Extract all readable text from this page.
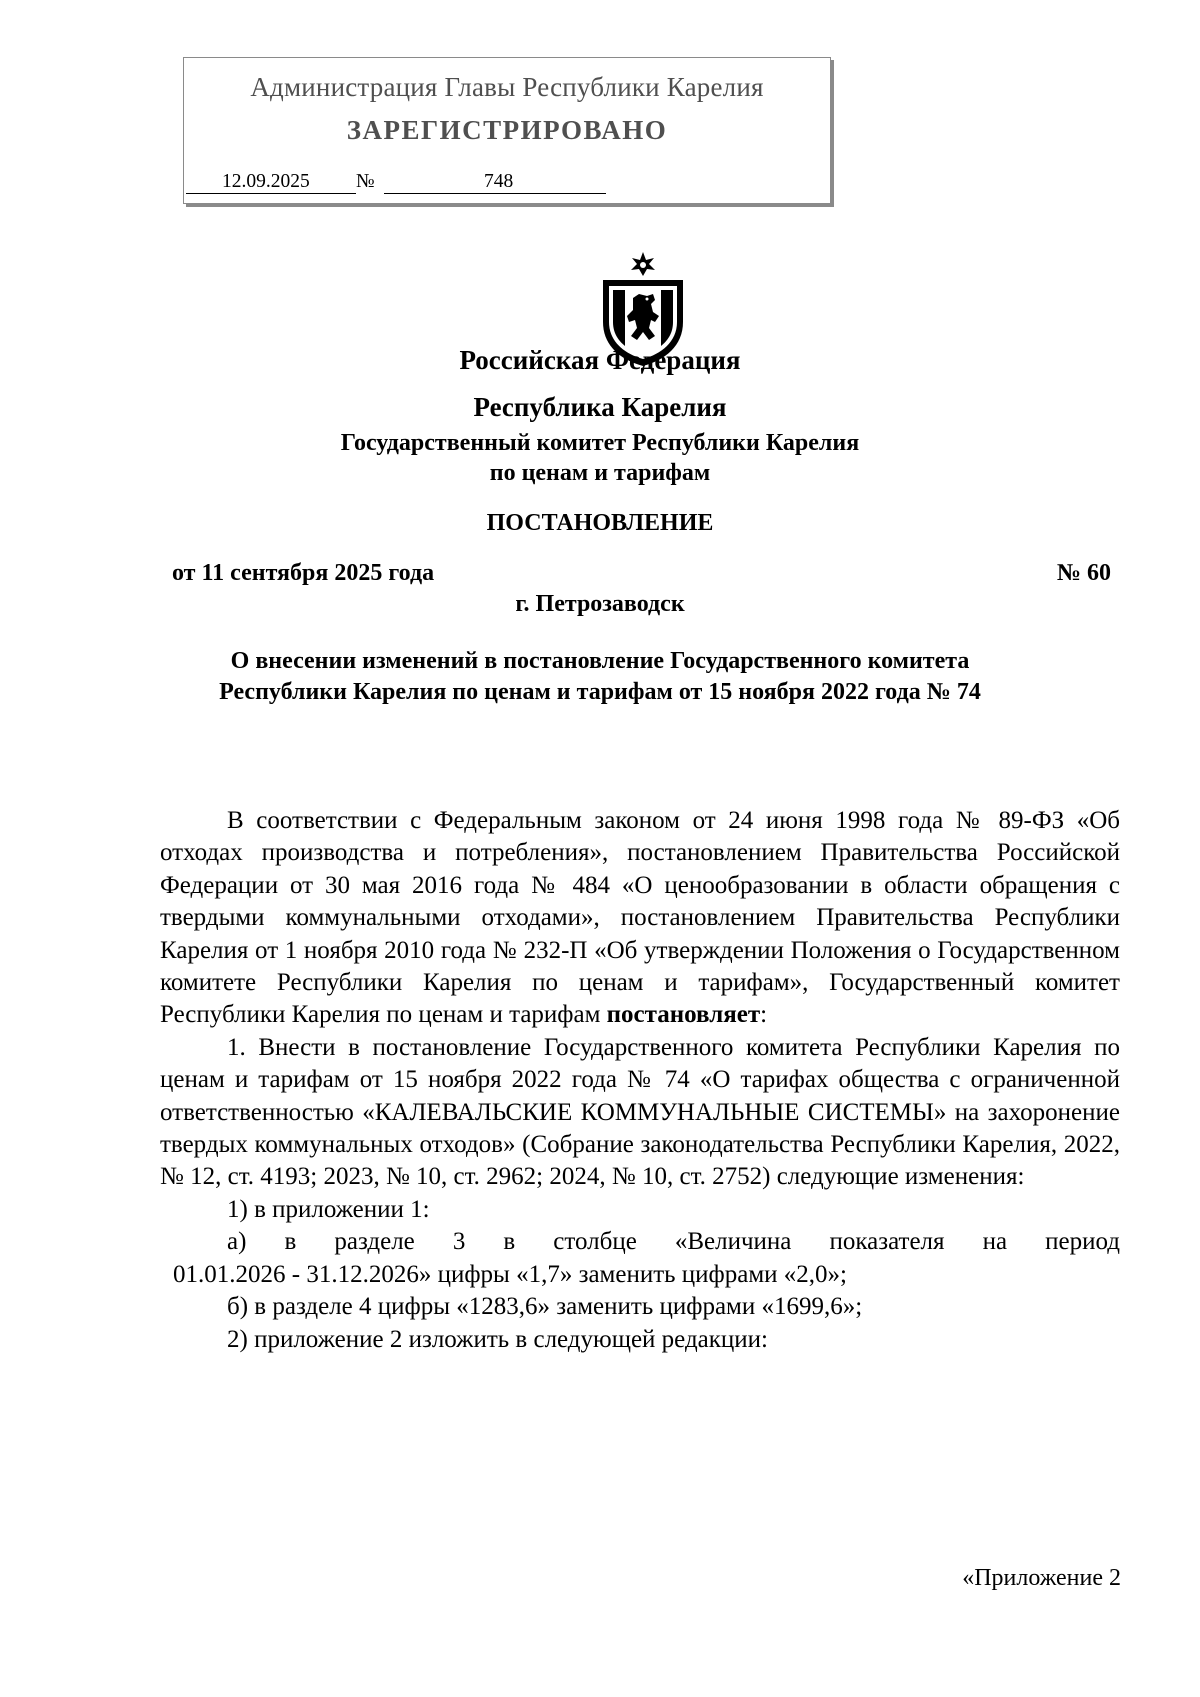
Администрация Главы Республики Карелия
ЗАРЕГИСТРИРОВАНО
12.09.2025	№	748
Российская Федерация
Республика Карелия
Государственный комитет Республики Карелия
по ценам и тарифам
ПОСТАНОВЛЕНИЕ
от 11 сентября 2025 года	№ 60
г. Петрозаводск
О внесении изменений в постановление Государственного комитета
Республики Карелия по ценам и тарифам от 15 ноября 2022 года № 74

В соответствии с Федеральным законом от 24 июня 1998 года № 89-ФЗ «Об отходах производства и потребления», постановлением Правительства Российской Федерации от 30 мая 2016 года № 484 «О ценообразовании в области обращения с твердыми коммунальными отходами», постановлением Правительства Республики Карелия от 1 ноября 2010 года № 232-П «Об утверждении Положения о Государственном комитете Республики Карелия по ценам и тарифам», Государственный комитет Республики Карелия по ценам и тарифам постановляет:

1. Внести в постановление Государственного комитета Республики Карелия по ценам и тарифам от 15 ноября 2022 года № 74 «О тарифах общества с ограниченной ответственностью «КАЛЕВАЛЬСКИЕ КОММУНАЛЬНЫЕ СИСТЕМЫ» на захоронение твердых коммунальных отходов» (Собрание законодательства Республики Карелия, 2022, № 12, ст. 4193; 2023, № 10, ст. 2962; 2024, № 10, ст. 2752) следующие изменения:

1) в приложении 1:

а) в разделе 3 в столбце «Величина показателя на период

01.01.2026 - 31.12.2026» цифры «1,7» заменить цифрами «2,0»;

б) в разделе 4 цифры «1283,6» заменить цифрами «1699,6»;

2) приложение 2 изложить в следующей редакции:

«Приложение 2
